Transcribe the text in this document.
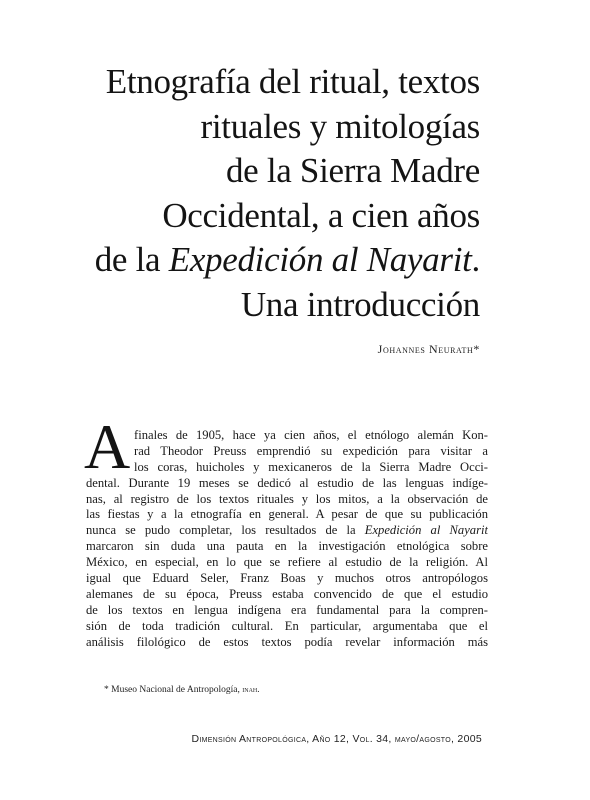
Etnografía del ritual, textos
rituales y mitologías
de la Sierra Madre
Occidental, a cien años
de la Expedición al Nayarit.
Una introducción
Johannes Neurath*
A finales de 1905, hace ya cien años, el etnólogo alemán Kon-
rad Theodor Preuss emprendió su expedición para visitar a
los coras, huicholes y mexicaneros de la Sierra Madre Occi-
dental. Durante 19 meses se dedicó al estudio de las lenguas indíge-
nas, al registro de los textos rituales y los mitos, a la observación de
las fiestas y a la etnografía en general. A pesar de que su publicación
nunca se pudo completar, los resultados de la Expedición al Nayarit
marcaron sin duda una pauta en la investigación etnológica sobre
México, en especial, en lo que se refiere al estudio de la religión. Al
igual que Eduard Seler, Franz Boas y muchos otros antropólogos
alemanes de su época, Preuss estaba convencido de que el estudio
de los textos en lengua indígena era fundamental para la compren-
sión de toda tradición cultural. En particular, argumentaba que el
análisis filológico de estos textos podía revelar información más
* Museo Nacional de Antropología, inah.
Dimensión Antropológica, Año 12, Vol. 34, mayo/agosto, 2005
